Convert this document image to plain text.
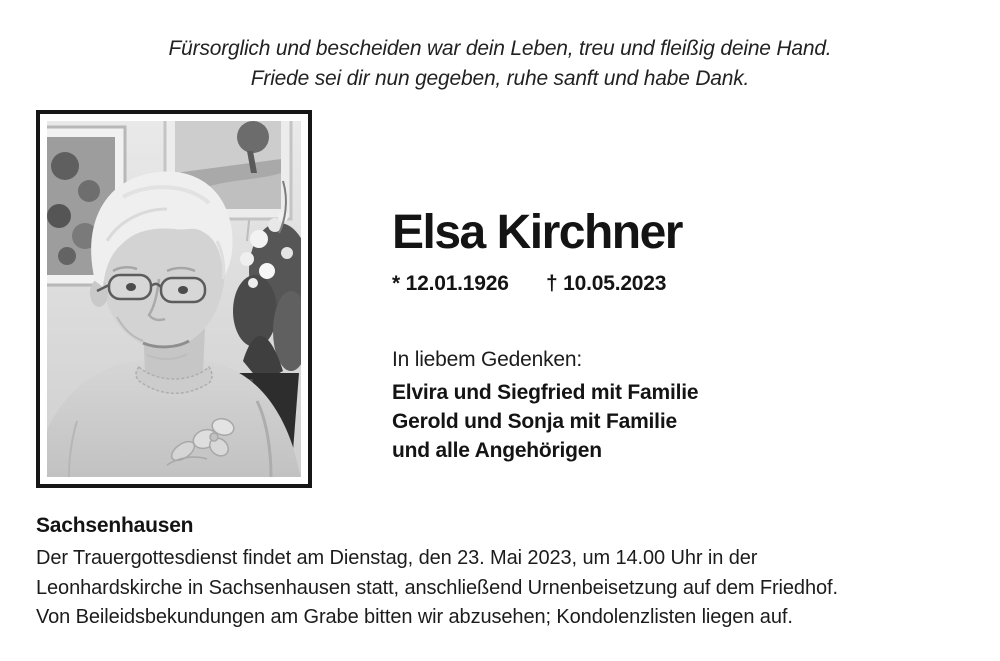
Fürsorglich und bescheiden war dein Leben, treu und fleißig deine Hand.
Friede sei dir nun gegeben, ruhe sanft und habe Dank.
Elsa Kirchner
* 12.01.1926 † 10.05.2023
In liebem Gedenken:
Elvira und Siegfried mit Familie
Gerold und Sonja mit Familie
und alle Angehörigen
Sachsenhausen
Der Trauergottesdienst findet am Dienstag, den 23. Mai 2023, um 14.00 Uhr in der
Leonhardskirche in Sachsenhausen statt, anschließend Urnenbeisetzung auf dem Friedhof.
Von Beileidsbekundungen am Grabe bitten wir abzusehen; Kondolenzlisten liegen auf.
